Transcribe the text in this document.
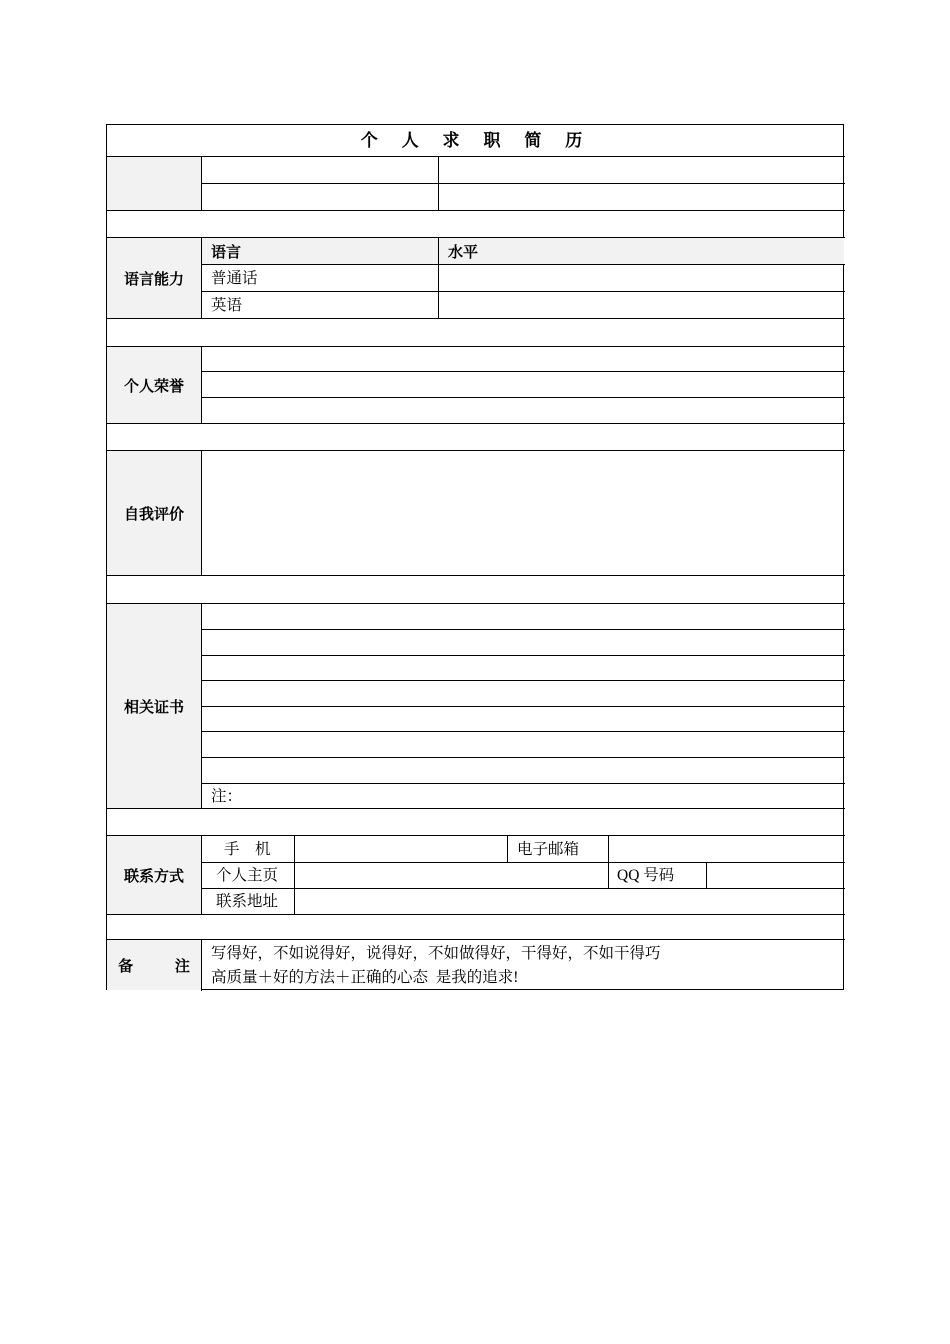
个 人 求 职 简 历
语言能力
语言	水平
普通话
英语
个人荣誉
自我评价
相关证书
注：
联系方式
手    机	电子邮箱
个人主页	QQ 号码
联系地址
备        注
写得好，不如说得好，说得好，不如做得好，干得好，不如干得巧
高质量＋好的方法＋正确的心态  是我的追求!
